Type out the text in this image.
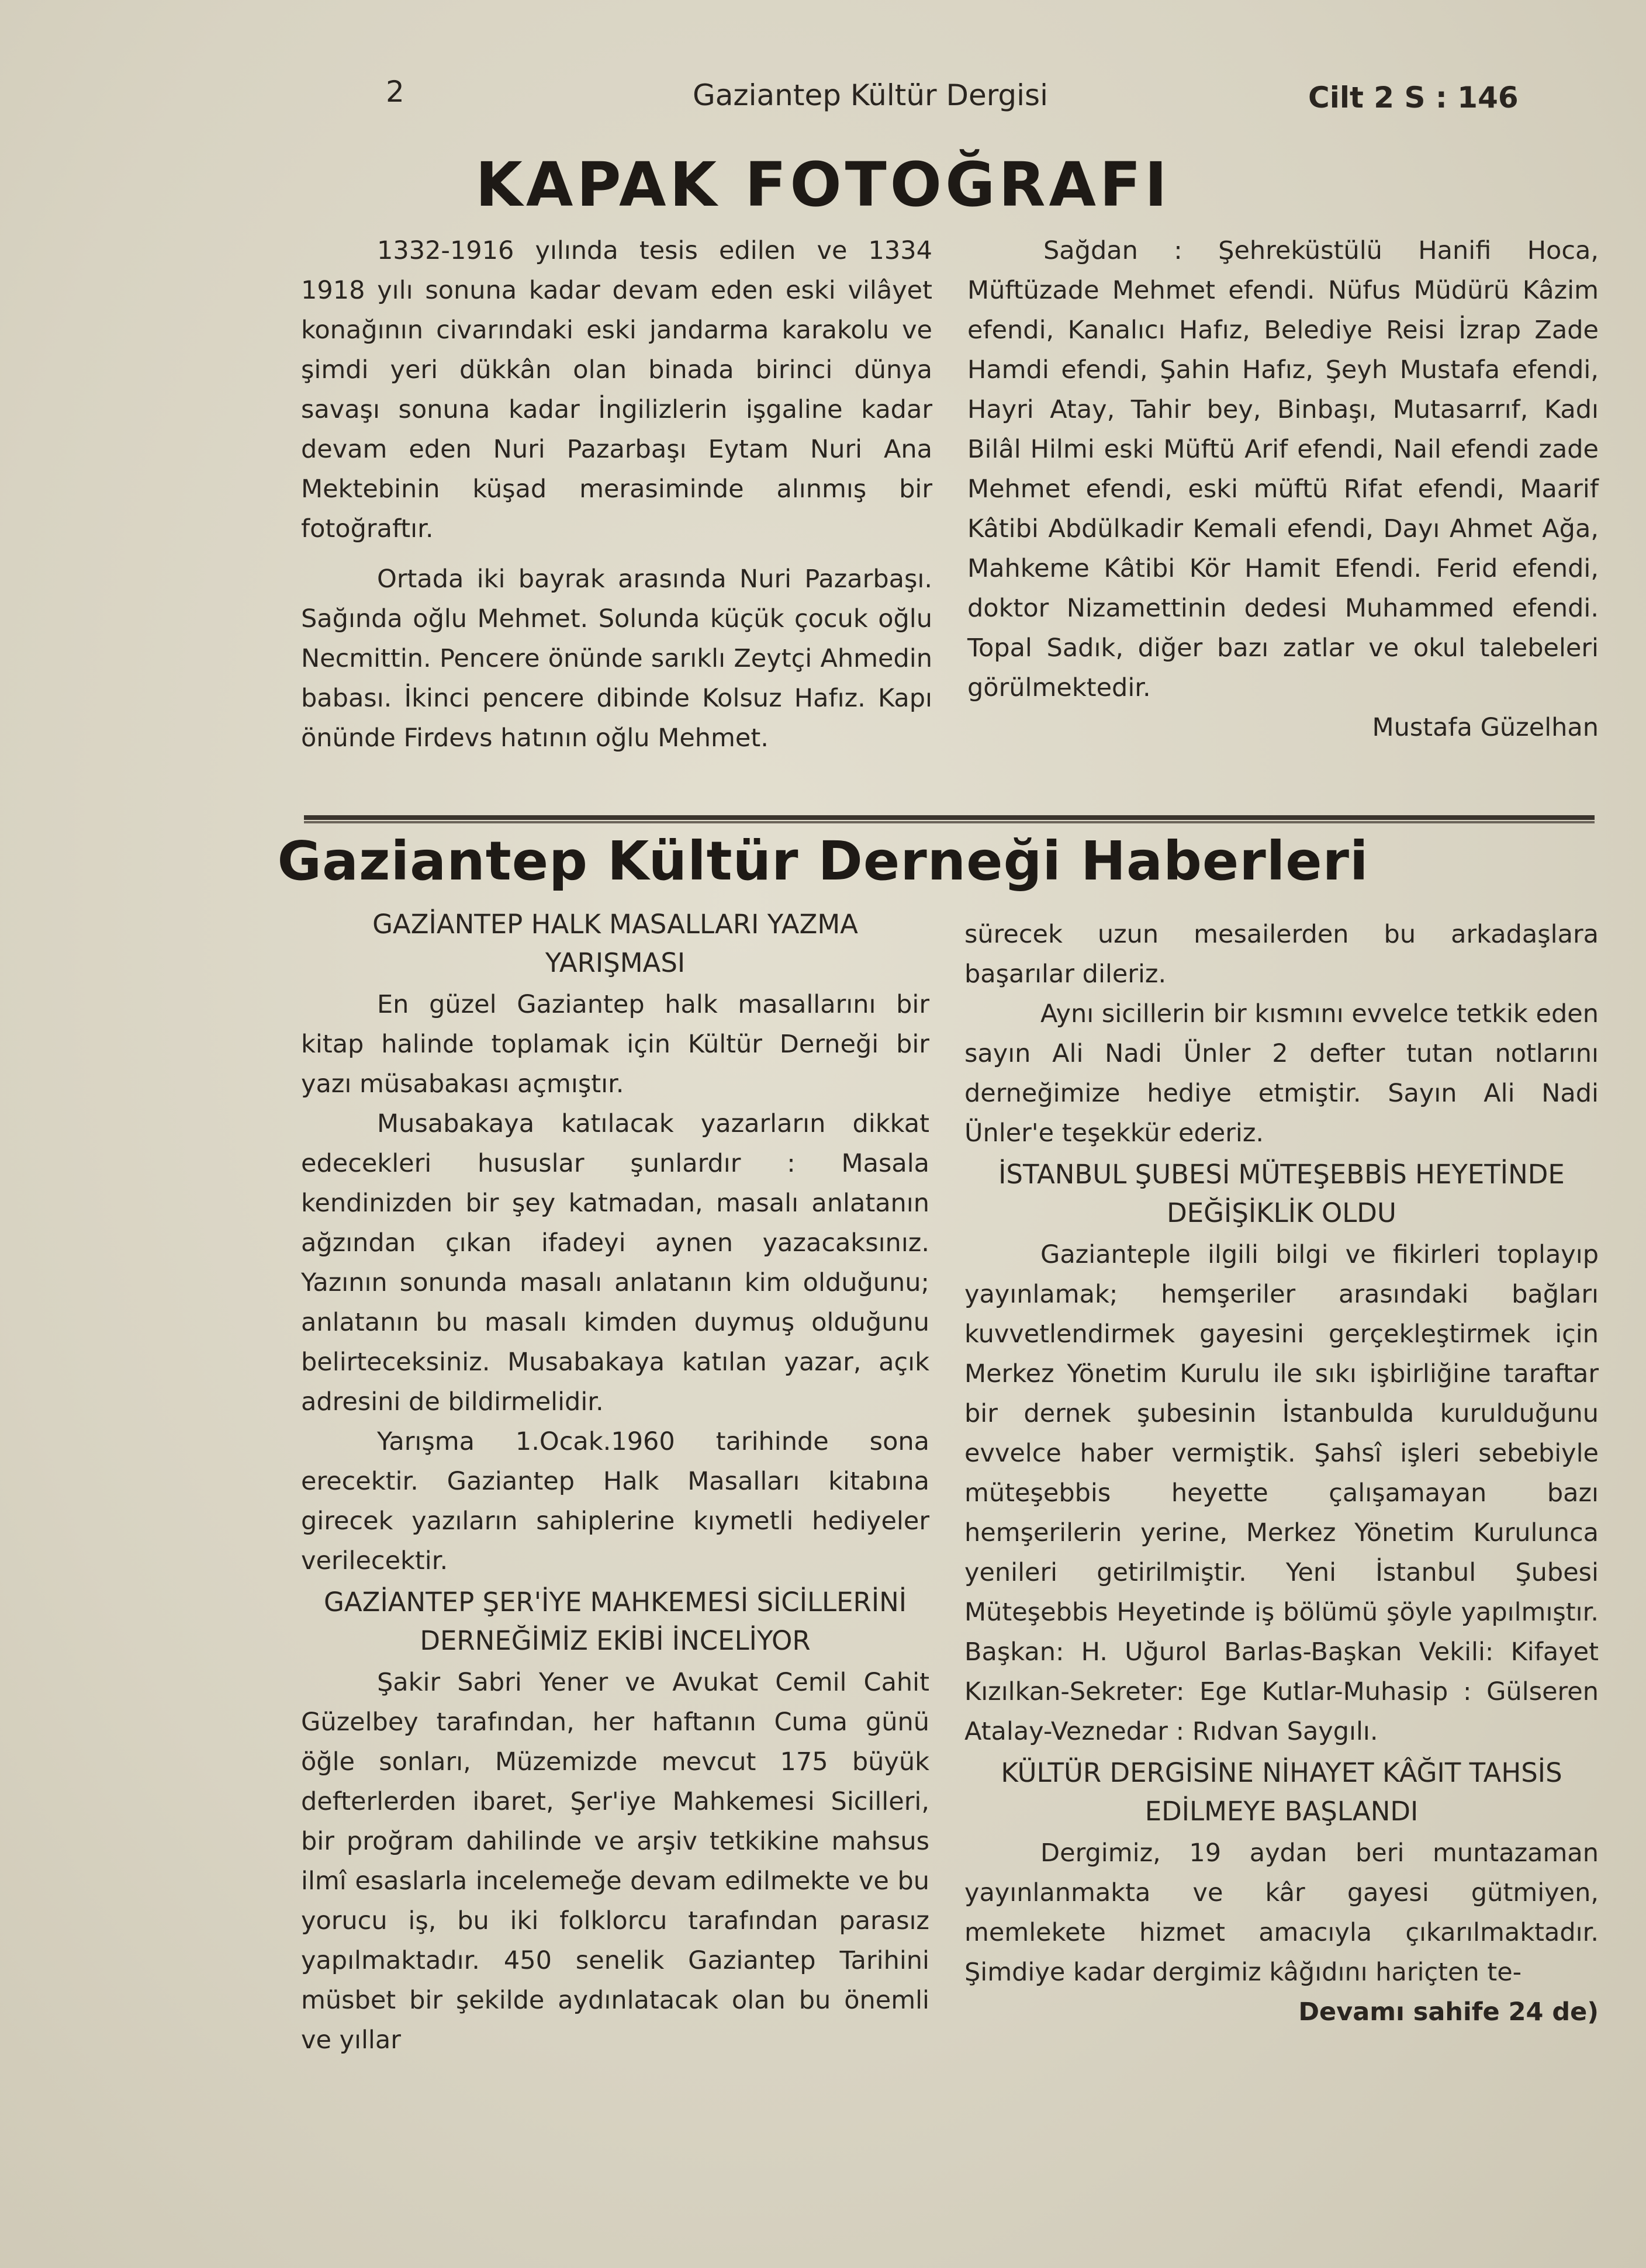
2	Gaziantep Kültür Dergisi	Cilt 2 S : 146
KAPAK FOTOĞRAFI

1332-1916 yılında tesis edilen ve 1334 1918 yılı sonuna kadar devam eden eski vilâyet konağının civarındaki eski jandarma karakolu ve şimdi yeri dükkân olan binada birinci dünya savaşı sonuna kadar İngilizlerin işgaline kadar devam eden Nuri Pazarbaşı Eytam Nuri Ana Mektebinin küşad merasiminde alınmış bir fotoğraftır.

Ortada iki bayrak arasında Nuri Pazarbaşı. Sağında oğlu Mehmet. Solunda küçük çocuk oğlu Necmittin. Pencere önünde sarıklı Zeytçi Ahmedin babası. İkinci pencere dibinde Kolsuz Hafız. Kapı önünde Firdevs hatının oğlu Mehmet.

Sağdan : Şehreküstülü Hanifi Hoca, Müftüzade Mehmet efendi. Nüfus Müdürü Kâzim efendi, Kanalıcı Hafız, Belediye Reisi İzrap Zade Hamdi efendi, Şahin Hafız, Şeyh Mustafa efendi, Hayri Atay, Tahir bey, Binbaşı, Mutasarrıf, Kadı Bilâl Hilmi eski Müftü Arif efendi, Nail efendi zade Mehmet efendi, eski müftü Rifat efendi, Maarif Kâtibi Abdülkadir Kemali efendi, Dayı Ahmet Ağa, Mahkeme Kâtibi Kör Hamit Efendi. Ferid efendi, doktor Nizamettinin dedesi Muhammed efendi. Topal Sadık, diğer bazı zatlar ve okul talebeleri görülmektedir.

Mustafa Güzelhan

Gaziantep Kültür Derneği Haberleri
GAZİANTEP HALK MASALLARI YAZMA YARIŞMASI

En güzel Gaziantep halk masallarını bir kitap halinde toplamak için Kültür Derneği bir yazı müsabakası açmıştır.

Musabakaya katılacak yazarların dikkat edecekleri hususlar şunlardır : Masala kendinizden bir şey katmadan, masalı anlatanın ağzından çıkan ifadeyi aynen yazacaksınız. Yazının sonunda masalı anlatanın kim olduğunu; anlatanın bu masalı kimden duymuş olduğunu belirteceksiniz. Musabakaya katılan yazar, açık adresini de bildirmelidir.

Yarışma 1.Ocak.1960 tarihinde sona erecektir. Gaziantep Halk Masalları kitabına girecek yazıların sahiplerine kıymetli hediyeler verilecektir.

GAZİANTEP ŞER'İYE MAHKEMESİ SİCİLLERİNİ DERNEĞİMİZ EKİBİ İNCELİYOR

Şakir Sabri Yener ve Avukat Cemil Cahit Güzelbey tarafından, her haftanın Cuma günü öğle sonları, Müzemizde mevcut 175 büyük defterlerden ibaret, Şer'iye Mahkemesi Sicilleri, bir proğram dahilinde ve arşiv tetkikine mahsus ilmî esaslarla incelemeğe devam edilmekte ve bu yorucu iş, bu iki folklorcu tarafından parasız yapılmaktadır. 450 senelik Gaziantep Tarihini müsbet bir şekilde aydınlatacak olan bu önemli ve yıllar

sürecek uzun mesailerden bu arkadaşlara başarılar dileriz.

Aynı sicillerin bir kısmını evvelce tetkik eden sayın Ali Nadi Ünler 2 defter tutan notlarını derneğimize hediye etmiştir. Sayın Ali Nadi Ünler'e teşekkür ederiz.

İSTANBUL ŞUBESİ MÜTEŞEBBİS HEYETİNDE DEĞİŞİKLİK OLDU

Gazianteple ilgili bilgi ve fikirleri toplayıp yayınlamak; hemşeriler arasındaki bağları kuvvetlendirmek gayesini gerçekleştirmek için Merkez Yönetim Kurulu ile sıkı işbirliğine taraftar bir dernek şubesinin İstanbulda kurulduğunu evvelce haber vermiştik. Şahsî işleri sebebiyle müteşebbis heyette çalışamayan bazı hemşerilerin yerine, Merkez Yönetim Kurulunca yenileri getirilmiştir. Yeni İstanbul Şubesi Müteşebbis Heyetinde iş bölümü şöyle yapılmıştır. Başkan: H. Uğurol Barlas-Başkan Vekili: Kifayet Kızılkan-Sekreter: Ege Kutlar-Muhasip : Gülseren Atalay-Veznedar : Rıdvan Saygılı.

KÜLTÜR DERGİSİNE NİHAYET KÂĞIT TAHSİS EDİLMEYE BAŞLANDI

Dergimiz, 19 aydan beri muntazaman yayınlanmakta ve kâr gayesi gütmiyen, memlekete hizmet amacıyla çıkarılmaktadır. Şimdiye kadar dergimiz kâğıdını hariçten te-

Devamı sahife 24 de)
